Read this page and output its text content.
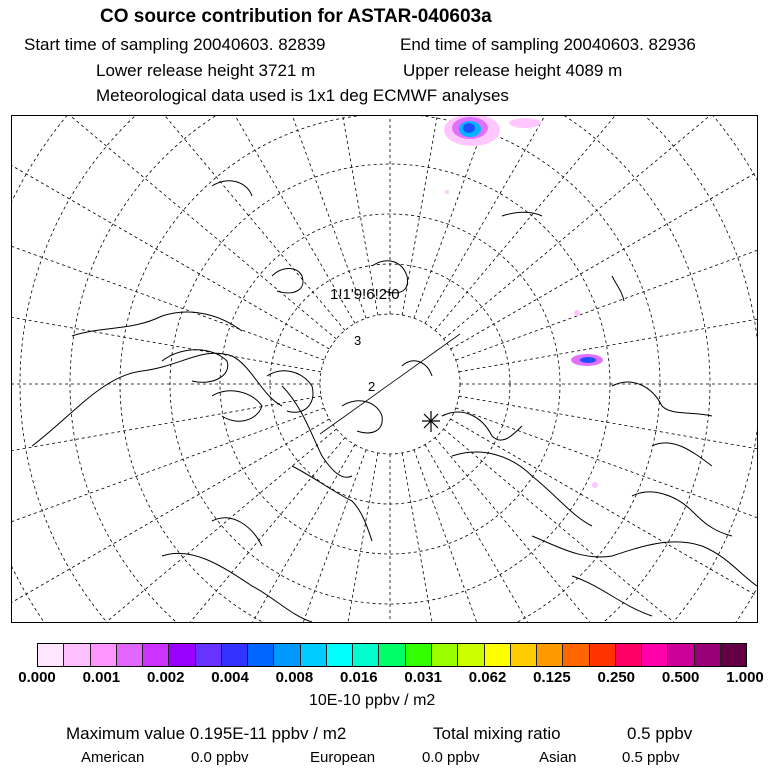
CO source contribution for ASTAR-040603a
Start time of sampling 20040603. 82839	End time of sampling 20040603. 82936
Lower release height 3721 m	Upper release height 4089 m
Meteorological data used is 1x1 deg ECMWF analyses
1!1'9!6!2!0
3
2
0.000 0.001 0.002 0.004 0.008 0.016 0.031 0.062 0.125 0.250 0.500 1.000
10E-10 ppbv / m2
Maximum value 0.195E-11 ppbv / m2	Total mixing ratio	0.5 ppbv
American	0.0 ppbv	European	0.0 ppbv	Asian	0.5 ppbv
